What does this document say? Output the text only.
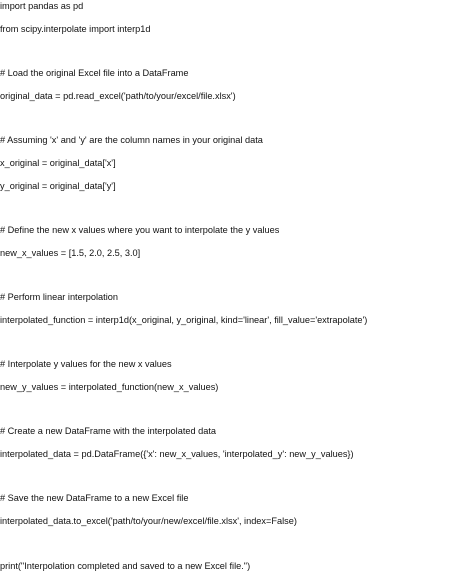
import pandas as pd
from scipy.interpolate import interp1d
# Load the original Excel file into a DataFrame
original_data = pd.read_excel('path/to/your/excel/file.xlsx')
# Assuming 'x' and 'y' are the column names in your original data
x_original = original_data['x']
y_original = original_data['y']
# Define the new x values where you want to interpolate the y values
new_x_values = [1.5, 2.0, 2.5, 3.0]
# Perform linear interpolation
interpolated_function = interp1d(x_original, y_original, kind='linear', fill_value='extrapolate')
# Interpolate y values for the new x values
new_y_values = interpolated_function(new_x_values)
# Create a new DataFrame with the interpolated data
interpolated_data = pd.DataFrame({'x': new_x_values, 'interpolated_y': new_y_values})
# Save the new DataFrame to a new Excel file
interpolated_data.to_excel('path/to/your/new/excel/file.xlsx', index=False)
print("Interpolation completed and saved to a new Excel file.")
